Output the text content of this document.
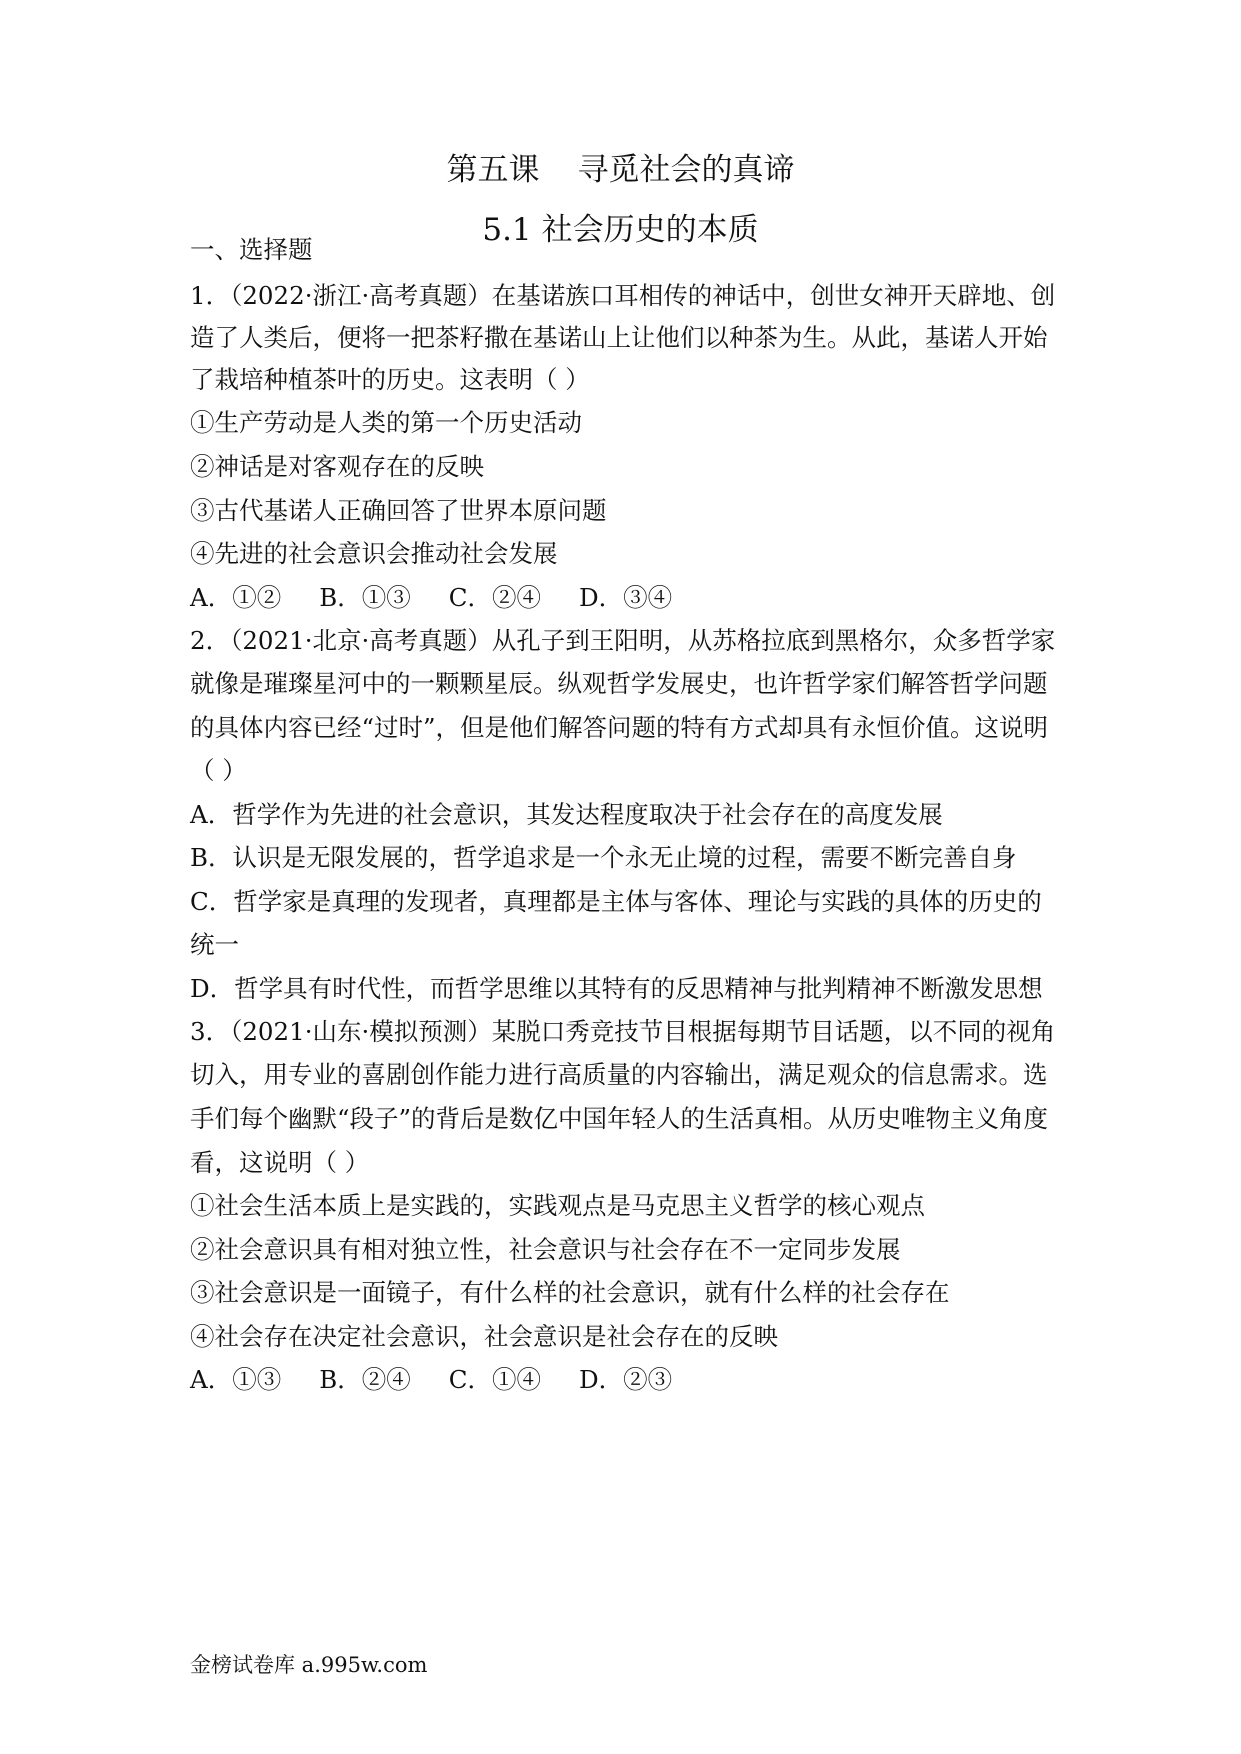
第五课 寻觅社会的真谛
5.1 社会历史的本质
一、选择题
1．（2022·浙江·高考真题）在基诺族口耳相传的神话中，创世女神开天辟地、创
造了人类后，便将一把茶籽撒在基诺山上让他们以种茶为生。从此，基诺人开始
了栽培种植茶叶的历史。这表明（ ）
①生产劳动是人类的第一个历史活动
②神话是对客观存在的反映
③古代基诺人正确回答了世界本原问题
④先进的社会意识会推动社会发展
A．①② B．①③ C．②④ D．③④
2．（2021·北京·高考真题）从孔子到王阳明，从苏格拉底到黑格尔，众多哲学家
就像是璀璨星河中的一颗颗星辰。纵观哲学发展史，也许哲学家们解答哲学问题
的具体内容已经“过时”，但是他们解答问题的特有方式却具有永恒价值。这说明
（ ）
A．哲学作为先进的社会意识，其发达程度取决于社会存在的高度发展
B．认识是无限发展的，哲学追求是一个永无止境的过程，需要不断完善自身
C．哲学家是真理的发现者，真理都是主体与客体、理论与实践的具体的历史的
统一
D．哲学具有时代性，而哲学思维以其特有的反思精神与批判精神不断激发思想
3．（2021·山东·模拟预测）某脱口秀竞技节目根据每期节目话题，以不同的视角
切入，用专业的喜剧创作能力进行高质量的内容输出，满足观众的信息需求。选
手们每个幽默“段子”的背后是数亿中国年轻人的生活真相。从历史唯物主义角度
看，这说明（ ）
①社会生活本质上是实践的，实践观点是马克思主义哲学的核心观点
②社会意识具有相对独立性，社会意识与社会存在不一定同步发展
③社会意识是一面镜子，有什么样的社会意识，就有什么样的社会存在
④社会存在决定社会意识，社会意识是社会存在的反映
A．①③ B．②④ C．①④ D．②③
金榜试卷库 a.995w.com
